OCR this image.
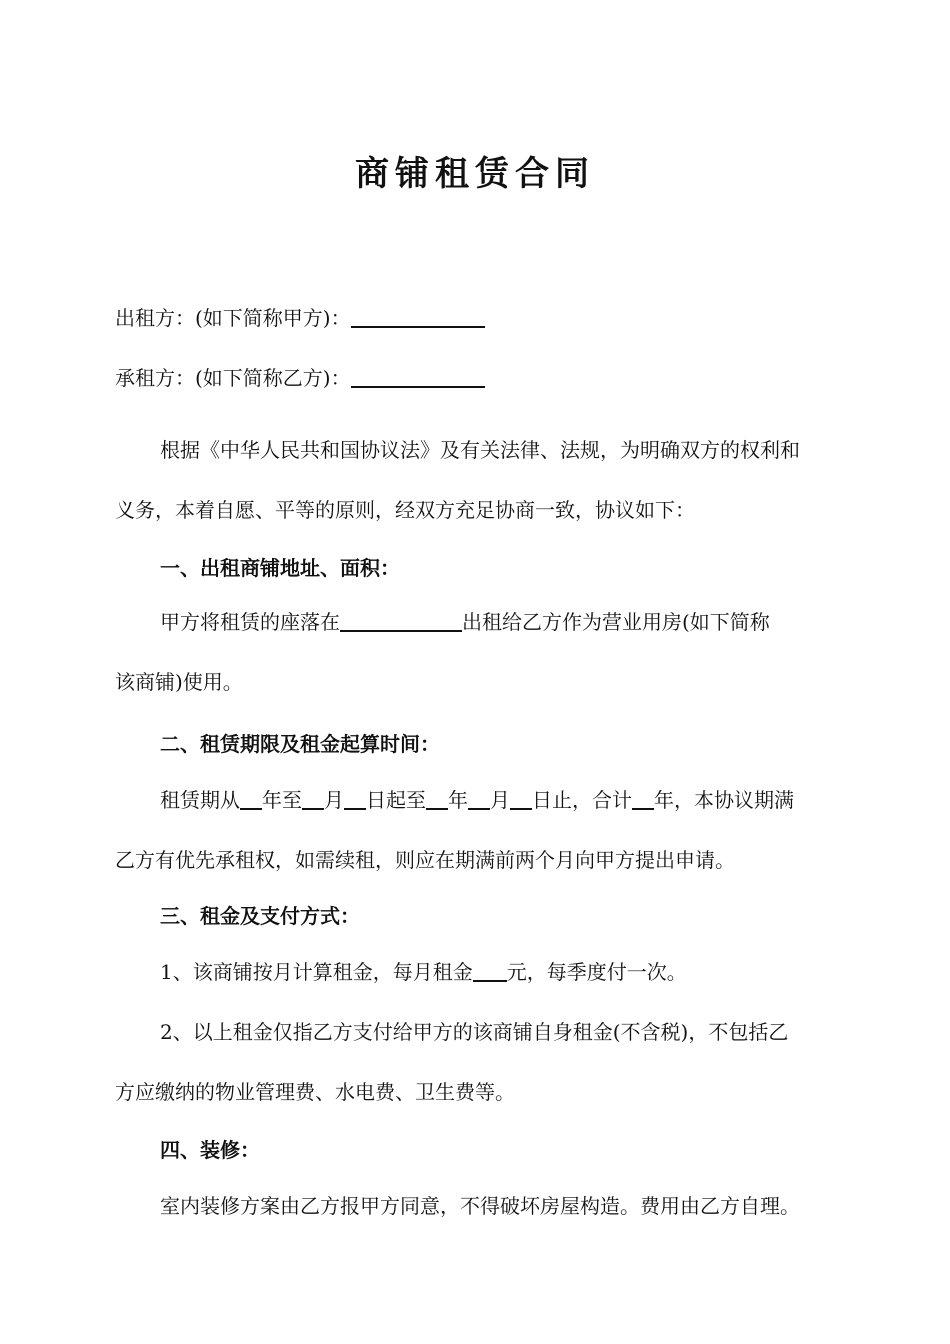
商铺租赁合同
出租方：(如下简称甲方)：
承租方：(如下简称乙方)：
根据《中华人民共和国协议法》及有关法律、法规，为明确双方的权利和
义务，本着自愿、平等的原则，经双方充足协商一致，协议如下：
一、出租商铺地址、面积：
甲方将租赁的座落在	出租给乙方作为营业用房(如下简称
该商铺)使用。
二、租赁期限及租金起算时间：
租赁期从 年至 月 日起至 年 月 日止，合计 年，本协议期满
乙方有优先承租权，如需续租，则应在期满前两个月向甲方提出申请。
三、租金及支付方式：
1、该商铺按月计算租金，每月租金 元，每季度付一次。
2、以上租金仅指乙方支付给甲方的该商铺自身租金(不含税)，不包括乙
方应缴纳的物业管理费、水电费、卫生费等。
四、装修：
室内装修方案由乙方报甲方同意，不得破坏房屋构造。费用由乙方自理。
